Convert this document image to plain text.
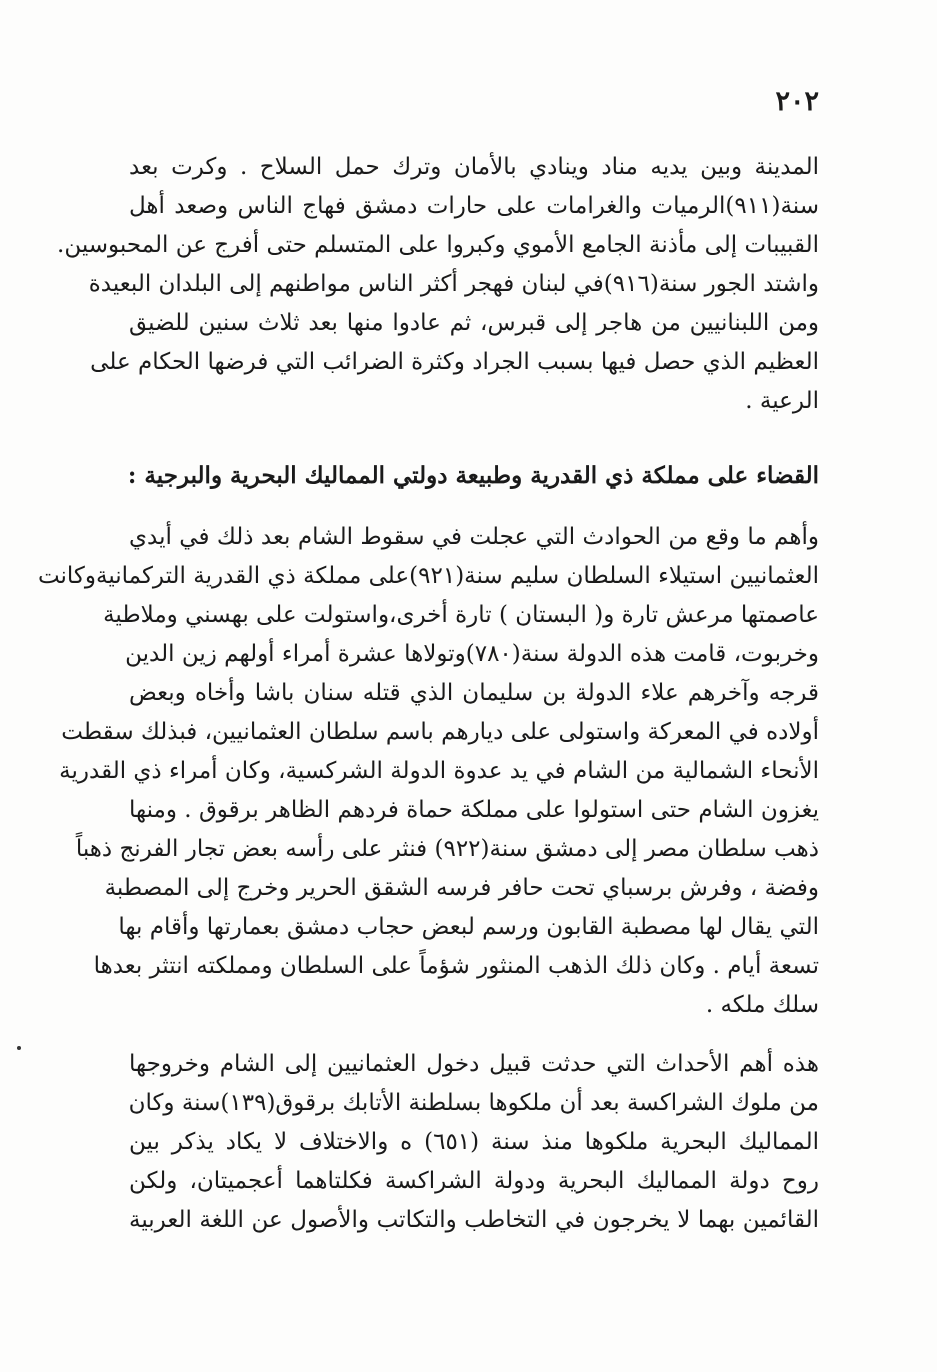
٢٠٢
المدينة وبين يديه مناد وينادي بالأمان وترك حمل السلاح . وكرت بعد
سنة(٩١١)الرميات والغرامات على حارات دمشق فهاج الناس وصعد أهل
القبيبات إلى مأذنة الجامع الأموي وكبروا على المتسلم حتى أفرج عن المحبوسين.
واشتد الجور سنة(٩١٦)في لبنان فهجر أكثر الناس مواطنهم إلى البلدان البعيدة
ومن اللبنانيين من هاجر إلى قبرس، ثم عادوا منها بعد ثلاث سنين للضيق
العظيم الذي حصل فيها بسبب الجراد وكثرة الضرائب التي فرضها الحكام على
الرعية .
القضاء على مملكة ذي القدرية وطبيعة دولتي المماليك البحرية والبرجية :
وأهم ما وقع من الحوادث التي عجلت في سقوط الشام بعد ذلك في أيدي
العثمانيين استيلاء السلطان سليم سنة(٩٢١)على مملكة ذي القدرية التركمانيةوكانت
عاصمتها مرعش تارة و( البستان ) تارة أخرى،واستولت على بهسني وملاطية
وخربوت، قامت هذه الدولة سنة(٧٨٠)وتولاها عشرة أمراء أولهم زين الدين
قرجه وآخرهم علاء الدولة بن سليمان الذي قتله سنان باشا وأخاه وبعض
أولاده في المعركة واستولى على ديارهم باسم سلطان العثمانيين، فبذلك سقطت
الأنحاء الشمالية من الشام في يد عدوة الدولة الشركسية، وكان أمراء ذي القدرية
يغزون الشام حتى استولوا على مملكة حماة فردهم الظاهر برقوق . ومنها
ذهب سلطان مصر إلى دمشق سنة(٩٢٢) فنثر على رأسه بعض تجار الفرنج ذهباً
وفضة ، وفرش برسباي تحت حافر فرسه الشقق الحرير وخرج إلى المصطبة
التي يقال لها مصطبة القابون ورسم لبعض حجاب دمشق بعمارتها وأقام بها
تسعة أيام . وكان ذلك الذهب المنثور شؤماً على السلطان ومملكته انتثر بعدها
سلك ملكه .
هذه أهم الأحداث التي حدثت قبيل دخول العثمانيين إلى الشام وخروجها
من ملوك الشراكسة بعد أن ملكوها بسلطنة الأتابك برقوق(١٣٩)سنة وكان
المماليك البحرية ملكوها منذ سنة (٦٥١) ه والاختلاف لا يكاد يذكر بين
روح دولة المماليك البحرية ودولة الشراكسة فكلتاهما أعجميتان، ولكن
القائمين بهما لا يخرجون في التخاطب والتكاتب والأصول عن اللغة العربية
